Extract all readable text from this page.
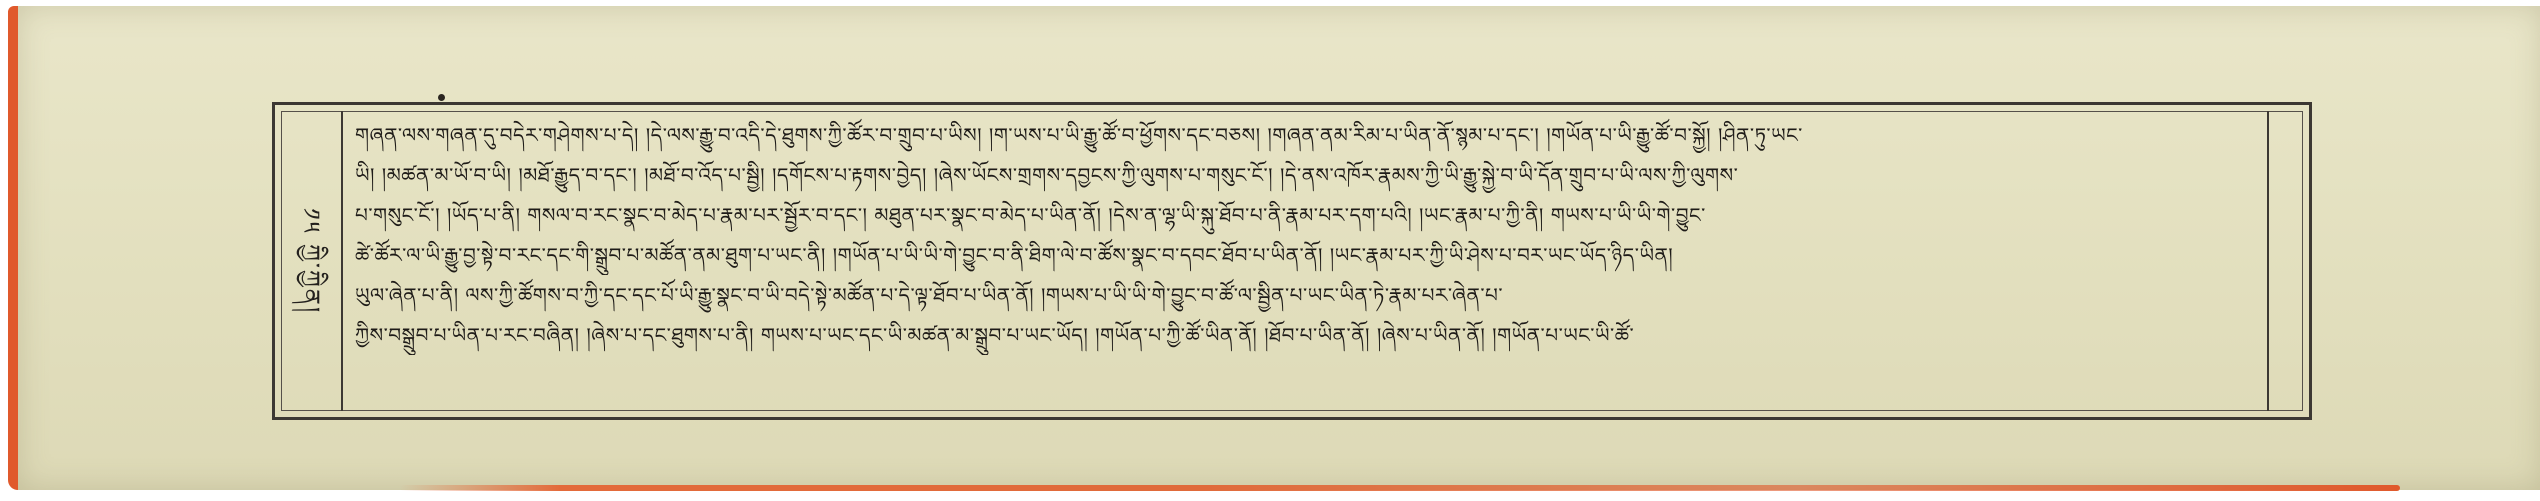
༡༥ ཀྱི་ཀྱིན།
གཞན་ལས་གཞན་དུ་བདེར་གཤེགས་པ་དེ། །དེ་ལས་རྒྱུ་བ་འདི་དེ་ཐུགས་ཀྱི་ཚོར་བ་གྲུབ་པ་ཡིས། །ག་ཡས་པ་ཡི་རྒྱུ་ཚོ་བ་ཕྱོགས་དང་བཅས། །གཞན་ནམ་རིམ་པ་ཡིན་ནོ་སྙམ་པ་དང་། །གཡོན་པ་ཡི་རྒྱུ་ཚོ་བ་སྐྱོ། །ཤིན་ཏུ་ཡང་
ཡི། །མཚན་མ་ཡོ་བ་ཡི། །མཐོ་རྒྱུད་བ་དང་། །མཐོ་བ་འོད་པ་སྦྱི། །དགོངས་པ་རྟགས་བྱེད། །ཞེས་ཡོངས་གྲགས་དབྱངས་ཀྱི་ལུགས་པ་གསུང་ངོ་། །དེ་ནས་འཁོར་རྣམས་ཀྱི་ཡི་རྒྱུ་སྐྱེ་བ་ཡི་དོན་གྲུབ་པ་ཡི་ལས་ཀྱི་ལུགས་
པ་གསུང་ངོ་། །ཡོད་པ་ནི། གསལ་བ་རང་སྣང་བ་མེད་པ་རྣམ་པར་སྦྱོར་བ་དང་། མཐུན་པར་སྣང་བ་མེད་པ་ཡིན་ནོ། །དེས་ན་ལྷ་ཡི་སྐུ་ཐོབ་པ་ནི་རྣམ་པར་དག་པའི། །ཡང་རྣམ་པ་ཀྱི་ནི། གཡས་པ་ཡི་ཡི་གེ་བྱུང་
ཚེ་ཚོར་ལ་ཡི་རྒྱུ་བྱ་སྟེ་བ་རང་དང་གི་སྒྲུབ་པ་མཚོན་ནམ་ཐུག་པ་ཡང་ནི། །གཡོན་པ་ཡི་ཡི་གེ་བྱུང་བ་ནི་ཐིག་ལེ་བ་ཚོས་སྣང་བ་དབང་ཐོབ་པ་ཡིན་ནོ། །ཡང་རྣམ་པར་ཀྱི་ཡི་ཤེས་པ་བར་ཡང་ཡོད་ཉིད་ཡིན།
ཡུལ་ཞེན་པ་ནི། ལས་ཀྱི་ཚོགས་བ་ཀྱི་དང་དང་པོ་ཡི་རྒྱུ་སྣང་བ་ཡི་བདེ་སྟེ་མཚོན་པ་དེ་ལྟ་ཐོབ་པ་ཡིན་ནོ། །གཡས་པ་ཡི་ཡི་གེ་བྱུང་བ་ཚོ་ལ་སྦྱིན་པ་ཡང་ཡིན་ཏེ་རྣམ་པར་ཞེན་པ་
ཀྱིས་བསྒྲུབ་པ་ཡིན་པ་རང་བཞིན། །ཞེས་པ་དང་ཐུགས་པ་ནི། གཡས་པ་ཡང་དང་ཡི་མཚན་མ་སྒྲུབ་པ་ཡང་ཡོད། །གཡོན་པ་ཀྱི་ཚོ་ཡིན་ནོ། །ཐོབ་པ་ཡིན་ནོ། །ཞེས་པ་ཡིན་ནོ། །གཡོན་པ་ཡང་ཡི་ཚོ་
